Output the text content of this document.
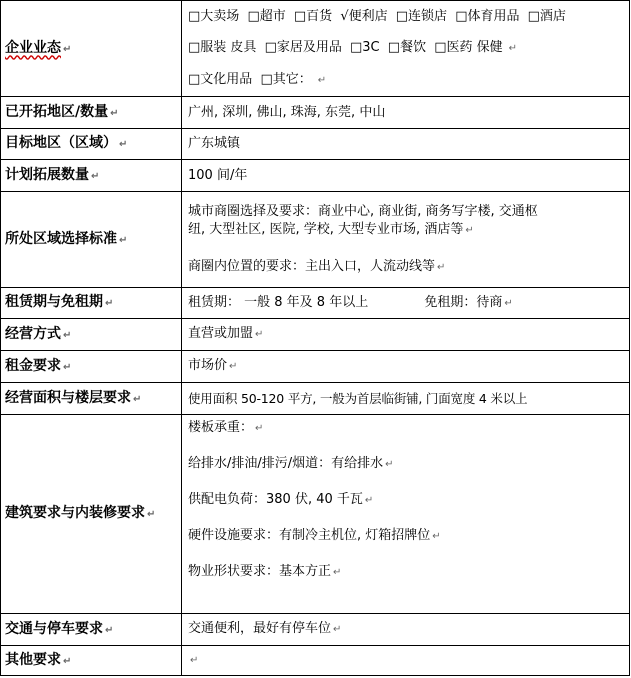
企业业态 ↵	□大卖场 □超市 □百货 √便利店 □连锁店 □体育用品 □酒店
□服装 皮具 □家居及用品 □3C □餐饮 □医药 保健 ↵
□文化用品 □其它： ↵

已开拓地区/数量 ↵	广州, 深圳, 佛山, 珠海, 东莞, 中山
目标地区（区域） ↵	广东城镇
计划拓展数量 ↵	100 间/年
所处区域选择标准 ↵	城市商圈选择及要求：商业中心, 商业街, 商务写字楼, 交通枢
纽, 大型社区, 医院, 学校, 大型专业市场, 酒店等 ↵
商圈内位置的要求：主出入口，人流动线等 ↵

租赁期与免租期 ↵	租赁期： 一般 8 年及 8 年以上 免租期：待商 ↵
经营方式 ↵	直营或加盟 ↵
租金要求 ↵	市场价 ↵
经营面积与楼层要求 ↵	使用面积 50-120 平方, 一般为首层临街铺, 门面宽度 4 米以上
建筑要求与内装修要求 ↵	楼板承重： ↵
给排水/排油/排污/烟道：有给排水 ↵
供配电负荷：380 伏, 40 千瓦 ↵
硬件设施要求：有制冷主机位, 灯箱招牌位 ↵
物业形状要求：基本方正 ↵

交通与停车要求 ↵	交通便利，最好有停车位 ↵
其他要求 ↵	↵
